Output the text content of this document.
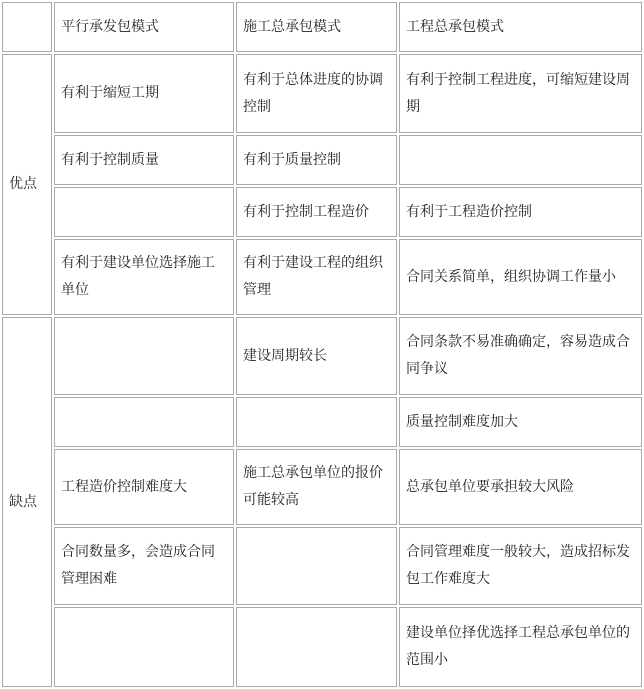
	平行承发包模式	施工总承包模式	工程总承包模式
优点	有利于缩短工期	有利于总体进度的协调控制	有利于控制工程进度，可缩短建设周期
	有利于控制质量	有利于质量控制	
		有利于控制工程造价	有利于工程造价控制
	有利于建设单位选择施工单位	有利于建设工程的组织管理	合同关系简单，组织协调工作量小
缺点		建设周期较长	合同条款不易准确确定，容易造成合同争议
			质量控制难度加大
	工程造价控制难度大	施工总承包单位的报价可能较高	总承包单位要承担较大风险
	合同数量多，会造成合同管理困难		合同管理难度一般较大，造成招标发包工作难度大
			建设单位择优选择工程总承包单位的范围小
